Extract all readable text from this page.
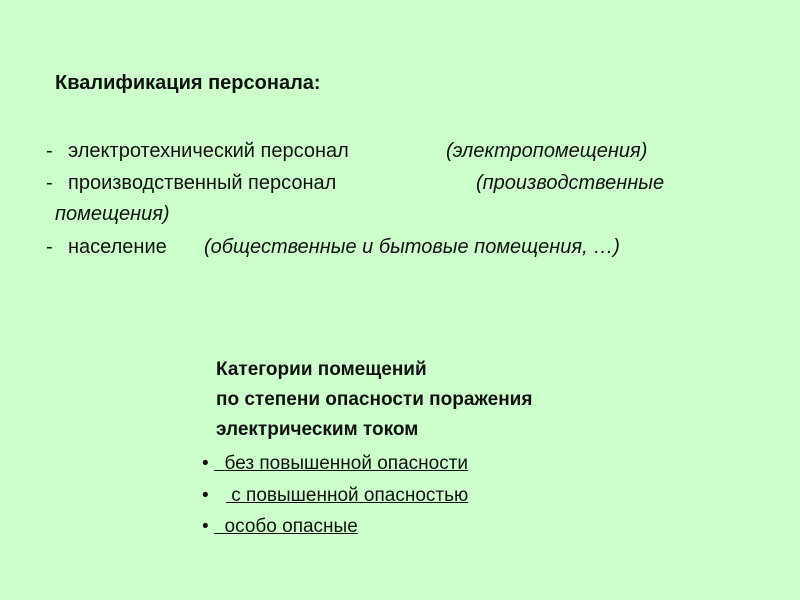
Квалификация персонала:
- электротехнический персонал	(электропомещения)
- производственный персонал	(производственные
помещения)
- население (общественные и бытовые помещения, …)
Категории помещений
по степени опасности поражения
электрическим током
•  без повышенной опасности
• с повышенной опасностью
•  особо опасные
